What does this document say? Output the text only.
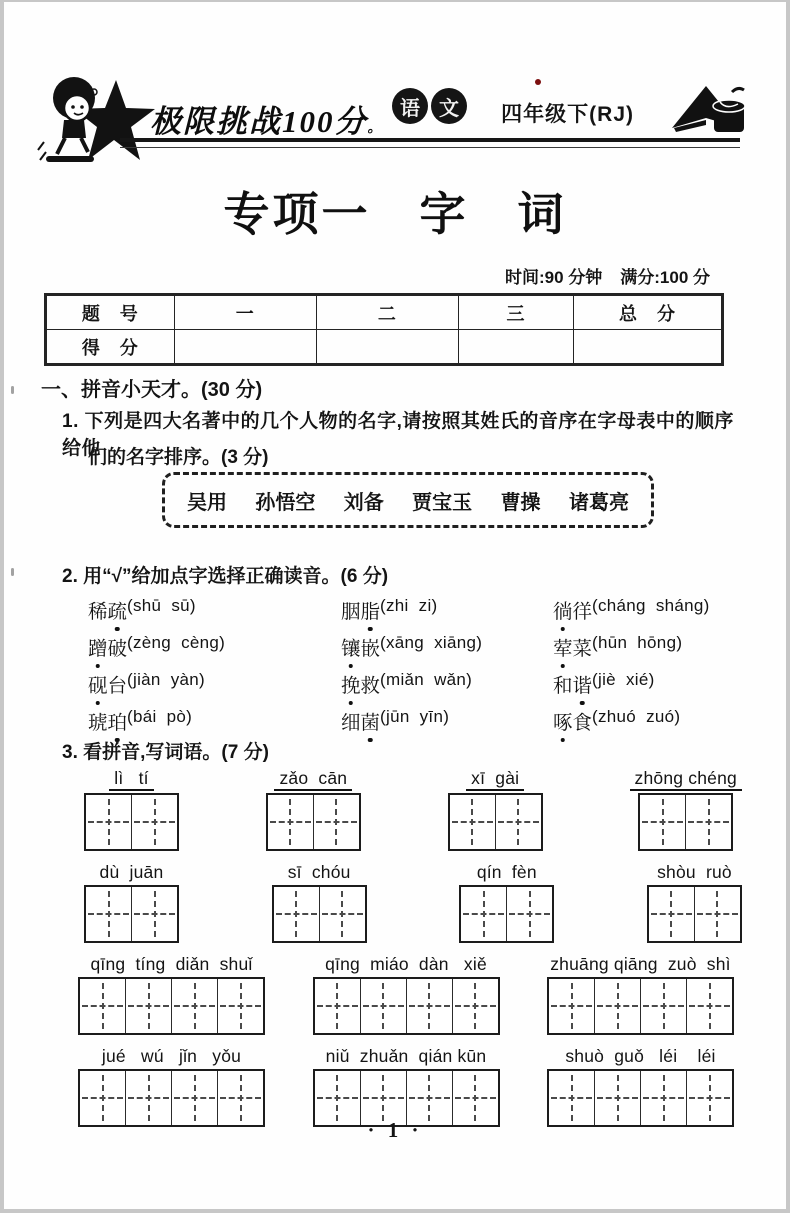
极限挑战100分。
语 文	四年级下(RJ)
专项一　字　词
时间:90 分钟 满分:100 分
题　号	一	二	三	总　分
得　分				
一、拼音小天才。(30 分)
1. 下列是四大名著中的几个人物的名字,请按照其姓氏的音序在字母表中的顺序给他
们的名字排序。(3 分)
吴用 孙悟空 刘备 贾宝玉 曹操 诸葛亮
2. 用“√”给加点字选择正确读音。(6 分)
稀疏 (shū  sū)	胭脂 (zhi  zi)	徜徉 (cháng  sháng)
蹭破 (zèng  cèng)	镶嵌 (xāng  xiāng)	荤菜 (hūn  hōng)
砚台 (jiàn  yàn)	挽救 (miǎn  wǎn)	和谐 (jiè  xié)
琥珀 (bái  pò)	细菌 (jūn  yīn)	啄食 (zhuó  zuó)
3. 看拼音,写词语。(7 分)
lì   tí	zǎo  cān	xī  gài	zhōng chéng
dù  juān	sī  chóu	qín  fèn	shòu  ruò
qīng  tíng  diǎn  shuǐ	qīng  miáo  dàn   xiě	zhuāng qiāng  zuò  shì
jué   wú   jǐn   yǒu	niǔ  zhuǎn  qián kūn	shuò  guǒ   léi    léi
· 1 ·
